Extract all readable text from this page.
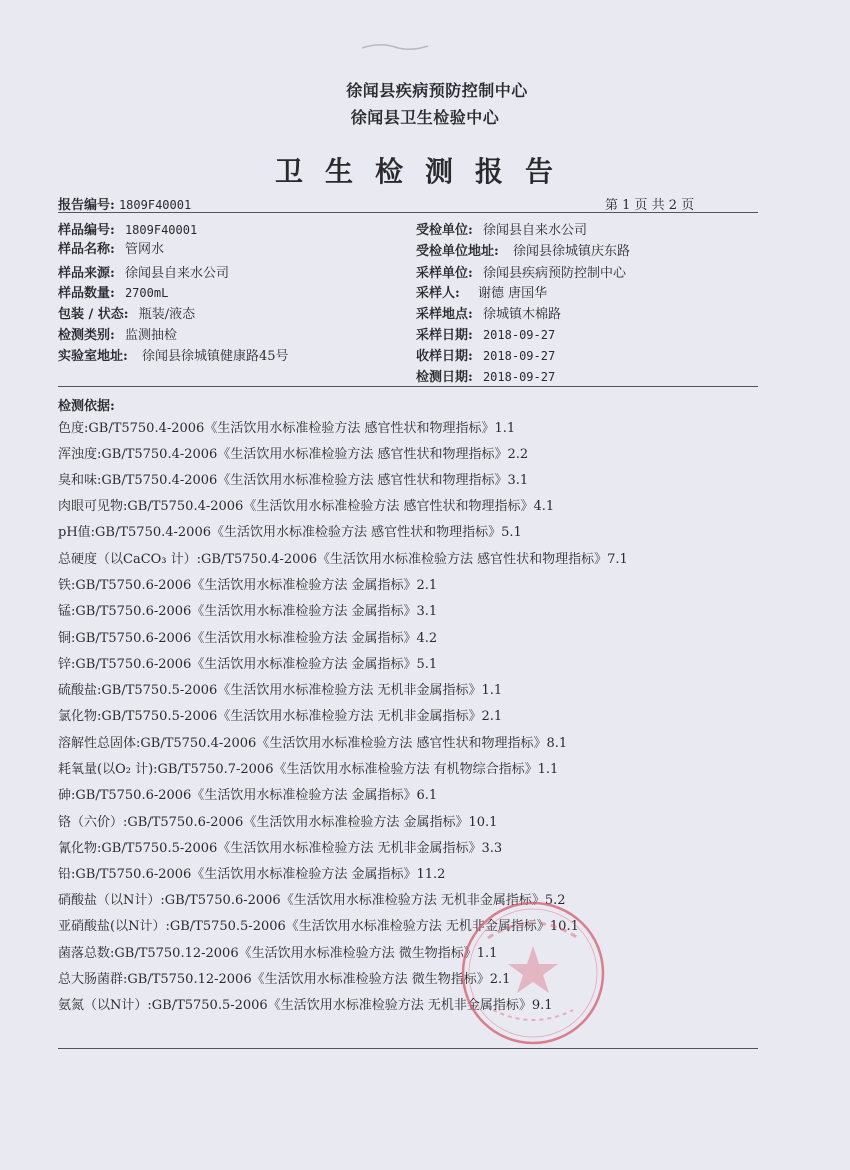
徐闻县疾病预防控制中心
徐闻县卫生检验中心
卫生检测报告
报告编号: 1809F40001	第 1 页 共 2 页
样品编号: 1809F40001
样品名称: 管网水
样品来源: 徐闻县自来水公司
样品数量: 2700mL
包装 / 状态: 瓶装/液态
检测类别: 监测抽检
实验室地址: 徐闻县徐城镇健康路45号
受检单位: 徐闻县自来水公司
受检单位地址: 徐闻县徐城镇庆东路
采样单位: 徐闻县疾病预防控制中心
采样人: 谢德 唐国华
采样地点: 徐城镇木棉路
采样日期: 2018-09-27
收样日期: 2018-09-27
检测日期: 2018-09-27
检测依据:
色度:GB/T5750.4-2006《生活饮用水标准检验方法 感官性状和物理指标》1.1
浑浊度:GB/T5750.4-2006《生活饮用水标准检验方法 感官性状和物理指标》2.2
臭和味:GB/T5750.4-2006《生活饮用水标准检验方法 感官性状和物理指标》3.1
肉眼可见物:GB/T5750.4-2006《生活饮用水标准检验方法 感官性状和物理指标》4.1
pH值:GB/T5750.4-2006《生活饮用水标准检验方法 感官性状和物理指标》5.1
总硬度（以CaCO₃ 计）:GB/T5750.4-2006《生活饮用水标准检验方法 感官性状和物理指标》7.1
铁:GB/T5750.6-2006《生活饮用水标准检验方法 金属指标》2.1
锰:GB/T5750.6-2006《生活饮用水标准检验方法 金属指标》3.1
铜:GB/T5750.6-2006《生活饮用水标准检验方法 金属指标》4.2
锌:GB/T5750.6-2006《生活饮用水标准检验方法 金属指标》5.1
硫酸盐:GB/T5750.5-2006《生活饮用水标准检验方法 无机非金属指标》1.1
氯化物:GB/T5750.5-2006《生活饮用水标准检验方法 无机非金属指标》2.1
溶解性总固体:GB/T5750.4-2006《生活饮用水标准检验方法 感官性状和物理指标》8.1
耗氧量(以O₂ 计):GB/T5750.7-2006《生活饮用水标准检验方法 有机物综合指标》1.1
砷:GB/T5750.6-2006《生活饮用水标准检验方法 金属指标》6.1
铬（六价）:GB/T5750.6-2006《生活饮用水标准检验方法 金属指标》10.1
氰化物:GB/T5750.5-2006《生活饮用水标准检验方法 无机非金属指标》3.3
铅:GB/T5750.6-2006《生活饮用水标准检验方法 金属指标》11.2
硝酸盐（以N计）:GB/T5750.6-2006《生活饮用水标准检验方法 无机非金属指标》5.2
亚硝酸盐(以N计）:GB/T5750.5-2006《生活饮用水标准检验方法 无机非金属指标》10.1
菌落总数:GB/T5750.12-2006《生活饮用水标准检验方法 微生物指标》1.1
总大肠菌群:GB/T5750.12-2006《生活饮用水标准检验方法 微生物指标》2.1
氨氮（以N计）:GB/T5750.5-2006《生活饮用水标准检验方法 无机非金属指标》9.1
